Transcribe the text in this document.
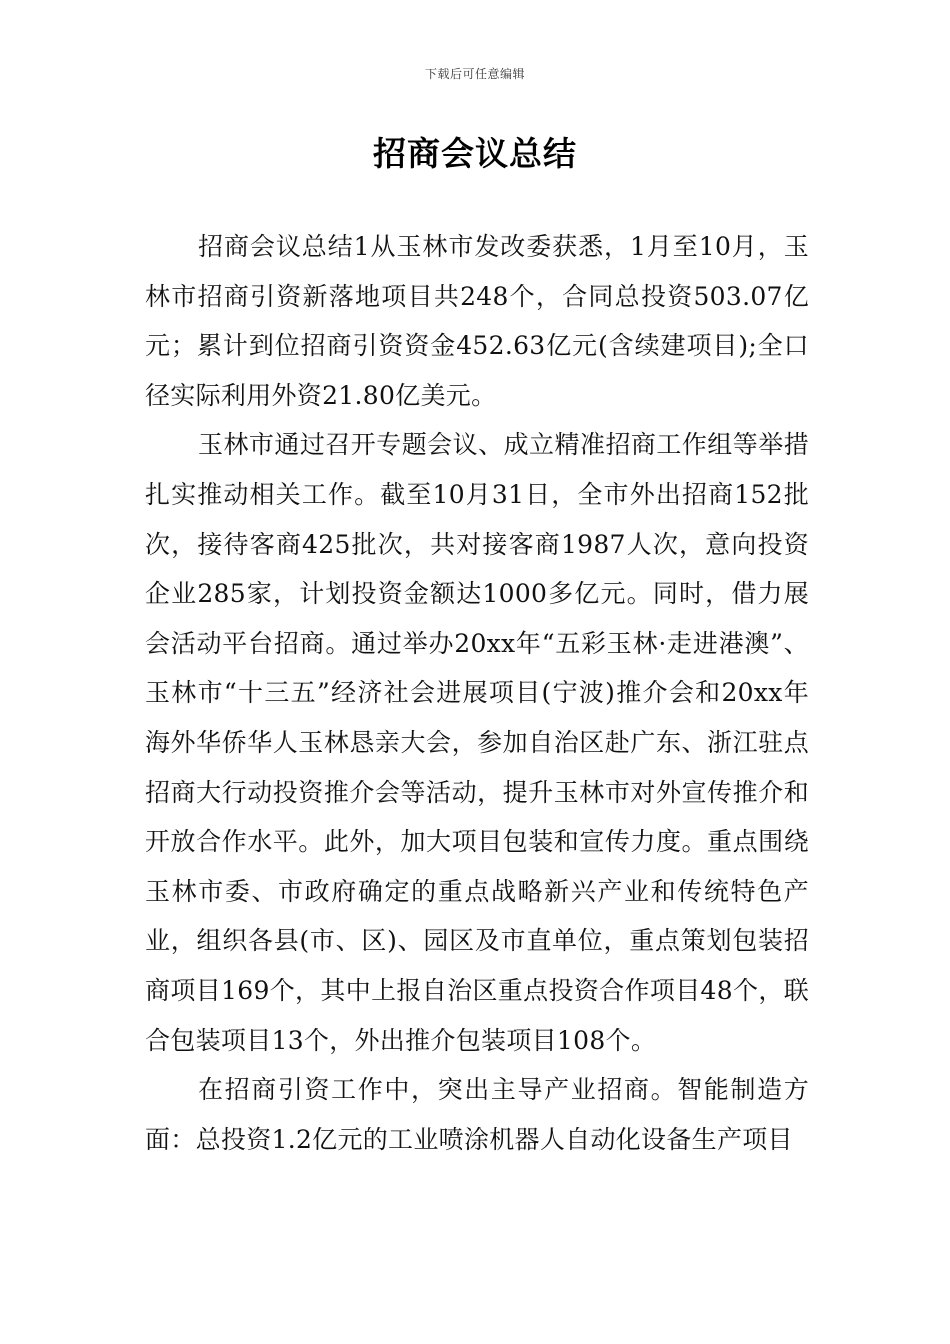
下载后可任意编辑
招商会议总结

招商会议总结1从玉林市发改委获悉，1月至10月，玉林市招商引资新落地项目共248个，合同总投资503.07亿元；累计到位招商引资资金452.63亿元(含续建项目);全口径实际利用外资21.80亿美元。

玉林市通过召开专题会议、成立精准招商工作组等举措扎实推动相关工作。截至10月31日，全市外出招商152批次，接待客商425批次，共对接客商1987人次，意向投资企业285家，计划投资金额达1000多亿元。同时，借力展会活动平台招商。通过举办20xx年“五彩玉林·走进港澳”、玉林市“十三五”经济社会进展项目(宁波)推介会和20xx年海外华侨华人玉林恳亲大会，参加自治区赴广东、浙江驻点招商大行动投资推介会等活动，提升玉林市对外宣传推介和开放合作水平。此外，加大项目包装和宣传力度。重点围绕玉林市委、市政府确定的重点战略新兴产业和传统特色产业，组织各县(市、区)、园区及市直单位，重点策划包装招商项目169个，其中上报自治区重点投资合作项目48个，联合包装项目13个，外出推介包装项目108个。

在招商引资工作中，突出主导产业招商。智能制造方面：总投资1.2亿元的工业喷涂机器人自动化设备生产项目
